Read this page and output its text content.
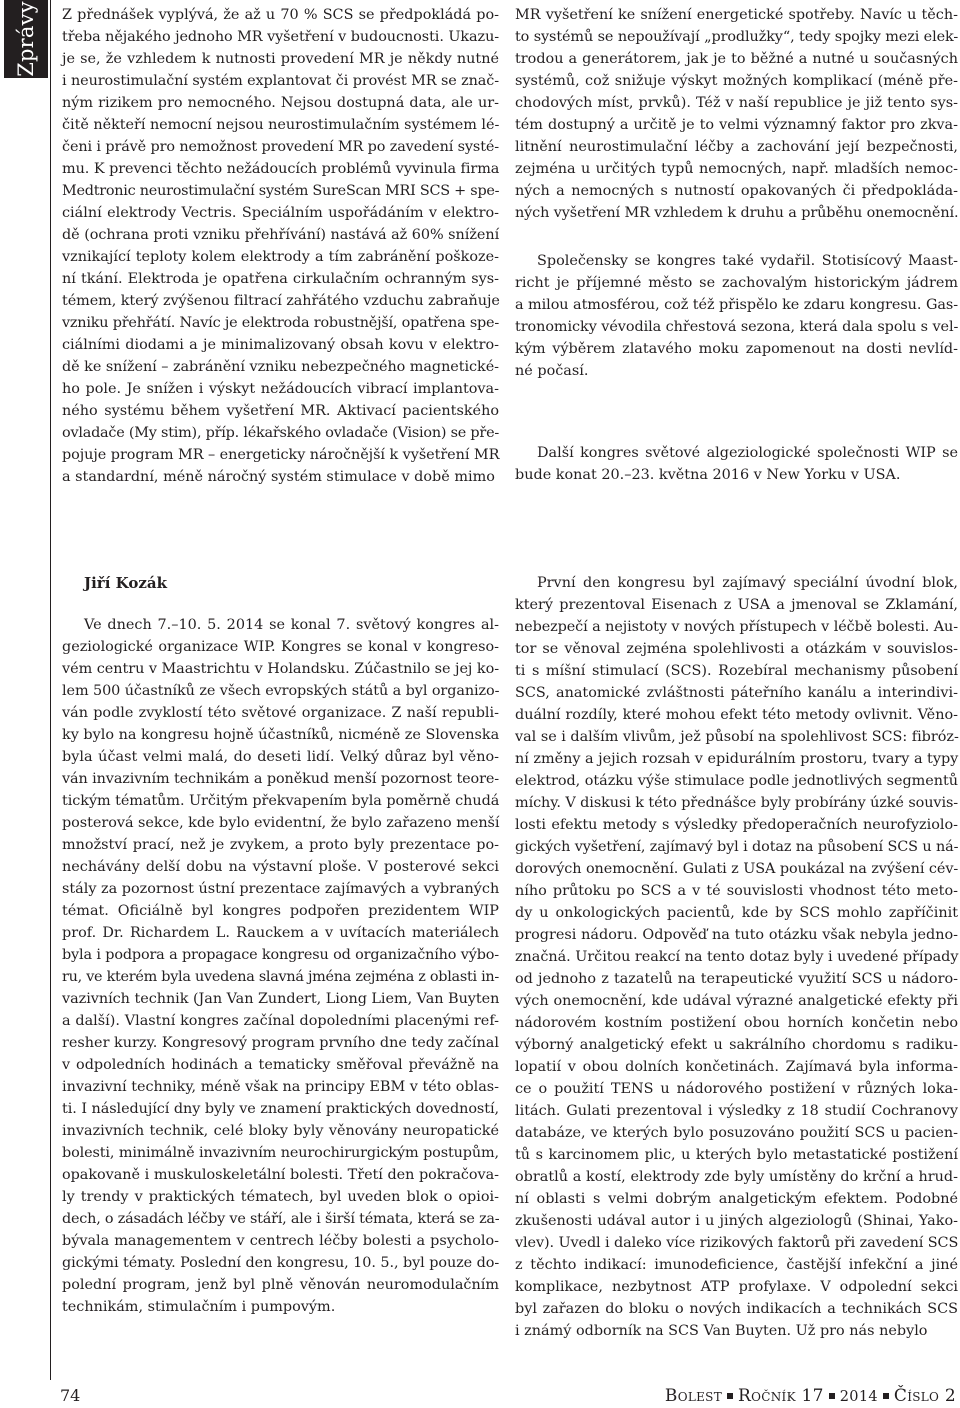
Zprávy Z přednášek vyplývá, že až u 70 % SCS se předpokládá po-
třeba nějakého jednoho MR vyšetření v budoucnosti. Ukazu-
je se, že vzhledem k nutnosti provedení MR je někdy nutné
i neurostimulační systém explantovat či provést MR se znač-
ným rizikem pro nemocného. Nejsou dostupná data, ale ur-
čitě někteří nemocní nejsou neurostimulačním systémem lé-
čeni i právě pro nemožnost provedení MR po zavedení systé-
mu. K prevenci těchto nežádoucích problémů vyvinula firma
Medtronic neurostimulační systém SureScan MRI SCS + spe-
ciální elektrody Vectris. Speciálním uspořádáním v elektro-
dě (ochrana proti vzniku přehřívání) nastává až 60% snížení
vznikající teploty kolem elektrody a tím zabránění poškoze-
ní tkání. Elektroda je opatřena cirkulačním ochranným sys-
témem, který zvýšenou filtrací zahřátého vzduchu zabraňuje
vzniku přehřátí. Navíc je elektroda robustnější, opatřena spe-
ciálními diodami a je minimalizovaný obsah kovu v elektro-
dě ke snížení – zabránění vzniku nebezpečného magnetické-
ho pole. Je snížen i výskyt nežádoucích vibrací implantova-
ného systému během vyšetření MR. Aktivací pacientského
ovladače (My stim), příp. lékařského ovladače (Vision) se pře-
pojuje program MR – energeticky náročnější k vyšetření MR
a standardní, méně náročný systém stimulace v době mimo
MR vyšetření ke snížení energetické spotřeby. Navíc u těch-
to systémů se nepoužívají „prodlužky“, tedy spojky mezi elek-
trodou a generátorem, jak je to běžné a nutné u současných
systémů, což snižuje výskyt možných komplikací (méně pře-
chodových míst, prvků). Též v naší republice je již tento sys-
tém dostupný a určitě je to velmi významný faktor pro zkva-
litnění neurostimulační léčby a zachování její bezpečnosti,
zejména u určitých typů nemocných, např. mladších nemoc-
ných a nemocných s nutností opakovaných či předpokláda-
ných vyšetření MR vzhledem k druhu a průběhu onemocnění.
Společensky se kongres také vydařil. Stotisícový Maast-
richt je příjemné město se zachovalým historickým jádrem
a milou atmosférou, což též přispělo ke zdaru kongresu. Gas-
tronomicky vévodila chřestová sezona, která dala spolu s vel-
kým výběrem zlatavého moku zapomenout na dosti nevlíd-
né počasí.
Další kongres světové algeziologické společnosti WIP se
bude konat 20.–23. května 2016 v New Yorku v USA.
Jiří Kozák
Ve dnech 7.–10. 5. 2014 se konal 7. světový kongres al-
geziologické organizace WIP. Kongres se konal v kongreso-
vém centru v Maastrichtu v Holandsku. Zúčastnilo se jej ko-
lem 500 účastníků ze všech evropských států a byl organizo-
ván podle zvyklostí této světové organizace. Z naší republi-
ky bylo na kongresu hojně účastníků, nicméně ze Slovenska
byla účast velmi malá, do deseti lidí. Velký důraz byl věno-
ván invazivním technikám a poněkud menší pozornost teore-
tickým tématům. Určitým překvapením byla poměrně chudá
posterová sekce, kde bylo evidentní, že bylo zařazeno menší
množství prací, než je zvykem, a proto byly prezentace po-
nechávány delší dobu na výstavní ploše. V posterové sekci
stály za pozornost ústní prezentace zajímavých a vybraných
témat. Oficiálně byl kongres podpořen prezidentem WIP
prof. Dr. Richardem L. Rauckem a v uvítacích materiálech
byla i podpora a propagace kongresu od organizačního výbo-
ru, ve kterém byla uvedena slavná jména zejména z oblasti in-
vazivních technik (Jan Van Zundert, Liong Liem, Van Buyten
a další). Vlastní kongres začínal dopoledními placenými ref-
resher kurzy. Kongresový program prvního dne tedy začínal
v odpoledních hodinách a tematicky směřoval převážně na
invazivní techniky, méně však na principy EBM v této oblas-
ti. I následující dny byly ve znamení praktických dovedností,
invazivních technik, celé bloky byly věnovány neuropatické
bolesti, minimálně invazivním neurochirurgickým postupům,
opakovaně i muskuloskeletální bolesti. Třetí den pokračova-
ly trendy v praktických tématech, byl uveden blok o opioi-
dech, o zásadách léčby ve stáří, ale i širší témata, která se za-
bývala managementem v centrech léčby bolesti a psycholo-
gickými tématy. Poslední den kongresu, 10. 5., byl pouze do-
polední program, jenž byl plně věnován neuromodulačním
technikám, stimulačním i pumpovým.
První den kongresu byl zajímavý speciální úvodní blok,
který prezentoval Eisenach z USA a jmenoval se Zklamání,
nebezpečí a nejistoty v nových přístupech v léčbě bolesti. Au-
tor se věnoval zejména spolehlivosti a otázkám v souvislos-
ti s míšní stimulací (SCS). Rozebíral mechanismy působení
SCS, anatomické zvláštnosti páteřního kanálu a interindivi-
duální rozdíly, které mohou efekt této metody ovlivnit. Věno-
val se i dalším vlivům, jež působí na spolehlivost SCS: fibróz-
ní změny a jejich rozsah v epidurálním prostoru, tvary a typy
elektrod, otázku výše stimulace podle jednotlivých segmentů
míchy. V diskusi k této přednášce byly probírány úzké souvis-
losti efektu metody s výsledky předoperačních neurofyziolo-
gických vyšetření, zajímavý byl i dotaz na působení SCS u ná-
dorových onemocnění. Gulati z USA poukázal na zvýšení cév-
ního průtoku po SCS a v té souvislosti vhodnost této meto-
dy u onkologických pacientů, kde by SCS mohlo zapříčinit
progresi nádoru. Odpověď na tuto otázku však nebyla jedno-
značná. Určitou reakcí na tento dotaz byly i uvedené případy
od jednoho z tazatelů na terapeutické využití SCS u nádoro-
vých onemocnění, kde udával výrazné analgetické efekty při
nádorovém kostním postižení obou horních končetin nebo
výborný analgetický efekt u sakrálního chordomu s radiku-
lopatií v obou dolních končetinách. Zajímavá byla informa-
ce o použití TENS u nádorového postižení v různých loka-
litách. Gulati prezentoval i výsledky z 18 studií Cochranovy
databáze, ve kterých bylo posuzováno použití SCS u pacien-
tů s karcinomem plic, u kterých bylo metastatické postižení
obratlů a kostí, elektrody zde byly umístěny do krční a hrud-
ní oblasti s velmi dobrým analgetickým efektem. Podobné
zkušenosti udával autor i u jiných algeziologů (Shinai, Yako-
vlev). Uvedl i daleko více rizikových faktorů při zavedení SCS
z těchto indikací: imunodeficience, častější infekční a jiné
komplikace, nezbytnost ATP profylaxe. V odpolední sekci
byl zařazen do bloku o nových indikacích a technikách SCS
i známý odborník na SCS Van Buyten. Už pro nás nebylo
74	Bolest Ročník 17 2014 Číslo 2
